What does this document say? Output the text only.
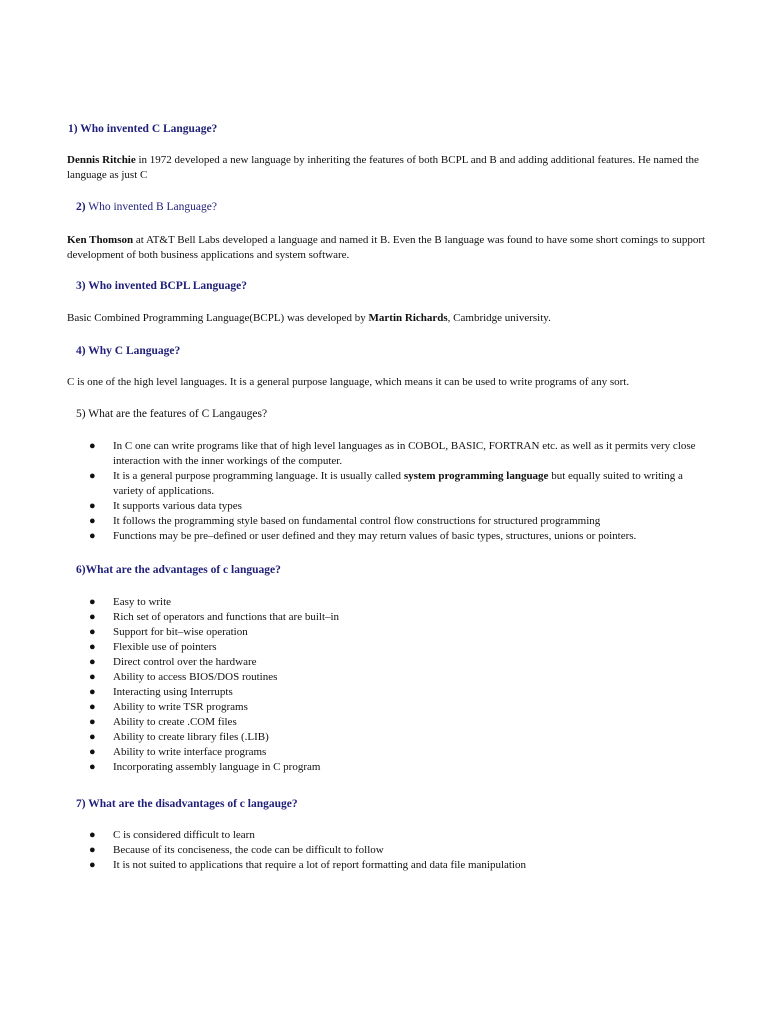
1) Who invented C Language?
Dennis Ritchie in 1972 developed a new language by inheriting the features of both BCPL and B and adding additional features. He named the language as just C
2) Who invented B Language?
Ken Thomson at AT&T Bell Labs developed a language and named it B. Even the B language was found to have some short comings to support development of both business applications and system software.
3) Who invented BCPL Language?
Basic Combined Programming Language(BCPL) was developed by Martin Richards, Cambridge university.
4) Why C Language?
C is one of the high level languages. It is a general purpose language, which means it can be used to write programs of any sort.
5) What are the features of C Langauges?
● In C one can write programs like that of high level languages as in COBOL, BASIC, FORTRAN etc. as well as it permits very close interaction with the inner workings of the computer.
● It is a general purpose programming language. It is usually called system programming language but equally suited to writing a variety of applications.
● It supports various data types
● It follows the programming style based on fundamental control flow constructions for structured programming
● Functions may be pre–defined or user defined and they may return values of basic types, structures, unions or pointers.
6)What are the advantages of c language?
● Easy to write
● Rich set of operators and functions that are built–in
● Support for bit–wise operation
● Flexible use of pointers
● Direct control over the hardware
● Ability to access BIOS/DOS routines
● Interacting using Interrupts
● Ability to write TSR programs
● Ability to create .COM files
● Ability to create library files (.LIB)
● Ability to write interface programs
● Incorporating assembly language in C program
7) What are the disadvantages of c langauge?
● C is considered difficult to learn
● Because of its conciseness, the code can be difficult to follow
● It is not suited to applications that require a lot of report formatting and data file manipulation
